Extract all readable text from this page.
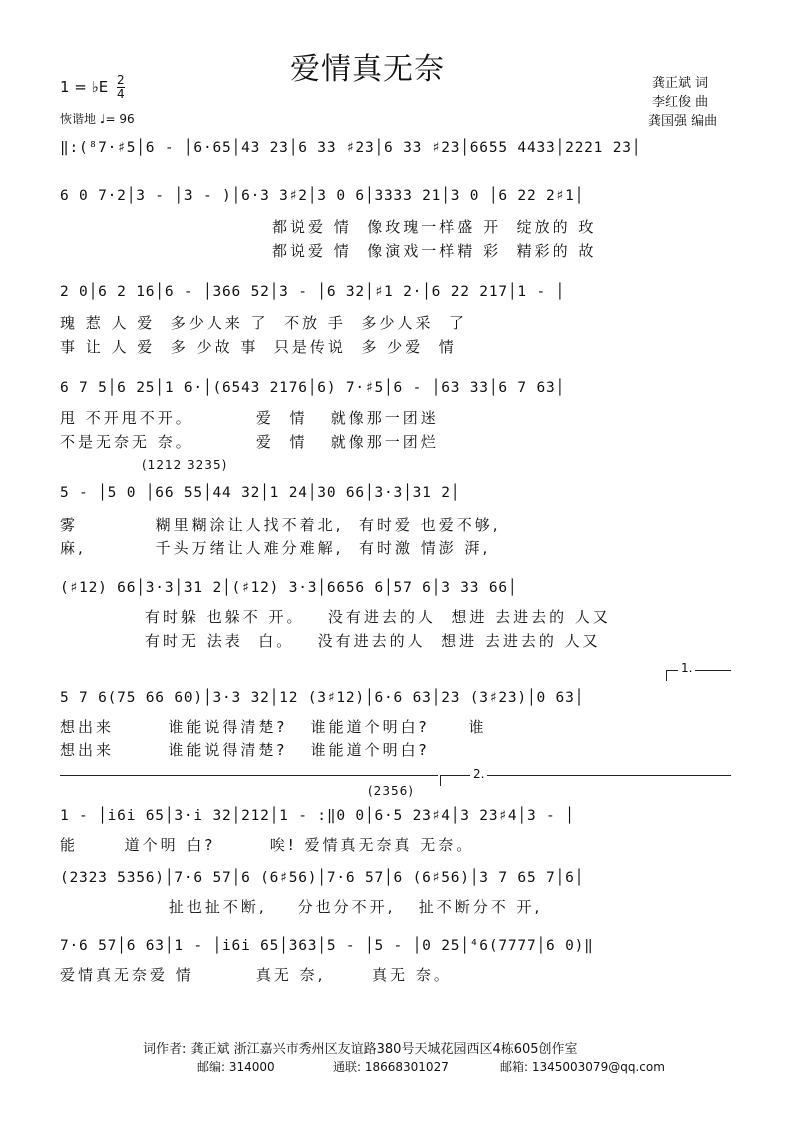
爱情真无奈
1 = ♭E $\frac{2}{4}$
恢谐地 ♩= 96
龚正斌 词
李红俊 曲
龚国强 编曲
‖:(⁸7·♯5│6 - │6·65│43 23│6 33 ♯23│6 33 ♯23│6655 4433│2221 23│
6 0 7·2│3 - │3 - )│6·3 3♯2│3 0 6│3333 21│3 0 │6 22 2♯1│
都说爱 情  像玫瑰一样盛 开  绽放的 玫
都说爱 情  像演戏一样精 彩  精彩的 故
2 0│6 2 16│6 - │366 52│3 - │6 32│♯1 2·│6 22 217│1 - │
瑰 惹 人 爱  多少人来 了  不放 手  多少人采  了
事 让 人 爱  多 少故 事  只是传说  多 少爱  情
6 7 5│6 25│1 6·│(6543 2176│6) 7·♯5│6 - │63 33│6 7 63│
甩 不开甩不开。        爱  情   就像那一团迷
不是无奈无 奈。        爱  情   就像那一团烂
(1212 3235)
5 - │5 0 │66 55│44 32│1 24│30 66│3·3│31 2│
雾          糊里糊涂让人找不着北,  有时爱 也爱不够,
麻,         千头万绪让人难分难解,  有时激 情澎 湃,
(♯12) 66│3·3│31 2│(♯12) 3·3│6656 6│57 6│3 33 66│
有时躲 也躲不 开。   没有进去的人  想进 去进去的 人又
有时无 法表  白。   没有进去的人  想进 去进去的 人又
1.
5 7 6(75 66 60)│3·3 32│12 (3♯12)│6·6 63│23 (3♯23)│0 63│
想出来       谁能说得清楚?   谁能道个明白?     谁
想出来       谁能说得清楚?   谁能道个明白?
2.
(2356)
1 - │i6i 65│3·i 32│212│1 - :‖0 0│6·5 23♯4│3 23♯4│3 - │
能      道个明 白?       唉! 爱情真无奈真 无奈。
(2323 5356)│7·6 57│6 (6♯56)│7·6 57│6 (6♯56)│3 7 65 7│6│
扯也扯不断,    分也分不开,   扯不断分不 开,
7·6 57│6 63│1 - │i6i 65│363│5 - │5 - │0 25│⁴6(7777│6 0)‖
爱情真无奈爱 情        真无 奈,      真无 奈。
词作者: 龚正斌 浙江嘉兴市秀州区友谊路380号天城花园西区4栋605创作室
邮编: 314000	通联: 18668301027	邮箱: 1345003079@qq.com
